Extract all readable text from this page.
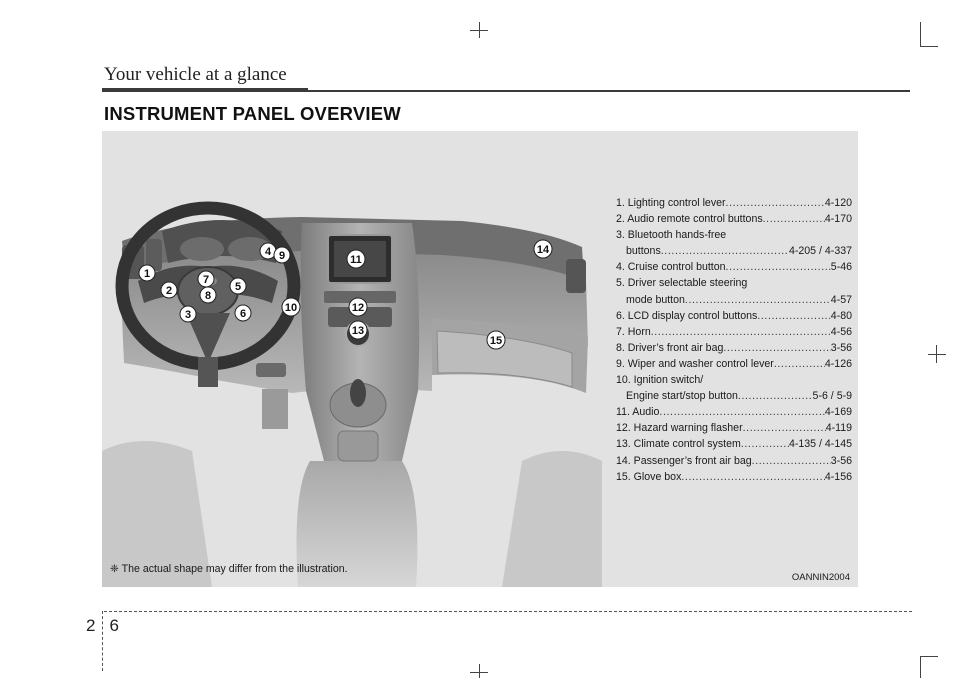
Your vehicle at a glance
INSTRUMENT PANEL OVERVIEW
1
2
3
4
5
6
7
8
9
10
11
12
13
14
15
1. Lighting control lever .....	4-120
2. Audio remote control buttons .....	4-170
3. Bluetooth hands-free
buttons .....	4-205 / 4-337
4. Cruise control button .....	5-46
5. Driver selectable steering
mode button .....	4-57
6. LCD display control buttons .....	4-80
7. Horn .....	4-56
8. Driver’s front air bag .....	3-56
9. Wiper and washer control lever .....	4-126
10. Ignition switch/
Engine start/stop button .....	5-6 / 5-9
11. Audio .....	4-169
12. Hazard warning flasher .....	4-119
13. Climate control system .....	4-135 / 4-145
14. Passenger’s front air bag .....	3-56
15. Glove box .....	4-156
❈ The actual shape may differ from the illustration.
OANNIN2004
2 6
